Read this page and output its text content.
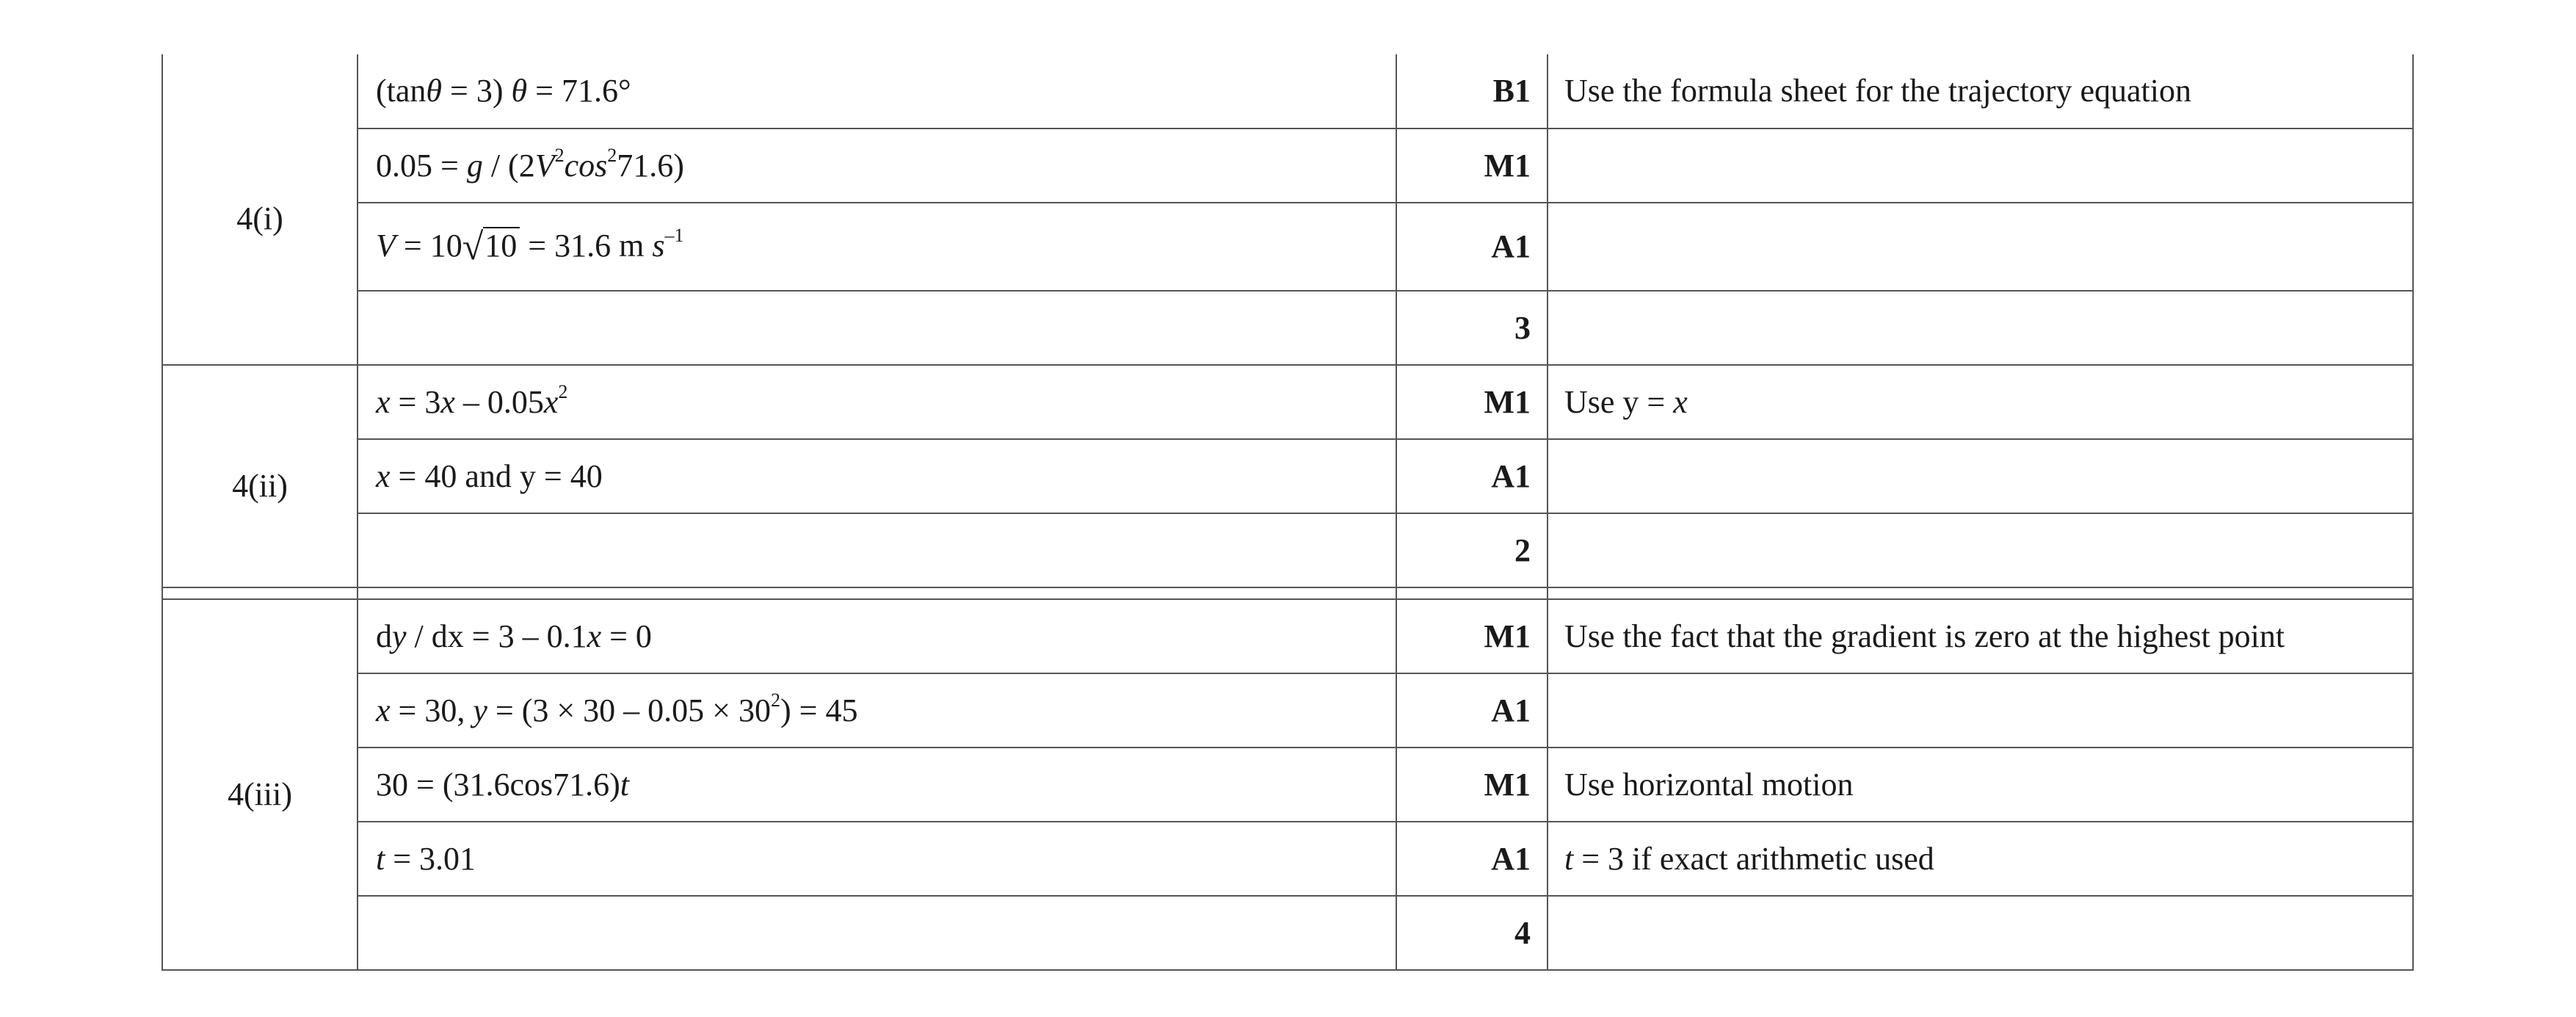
4(i)	(tanθ = 3) θ = 71.6°	B1	Use the formula sheet for the trajectory equation
	$0.05 = g / (2V^2\cos^271.6)$	M1	
	V = 10√10 = 31.6 m $s^{-1}$	A1	
		3	
4(ii)	$x = 3x - 0.05x^2$	M1	Use y = x
	x = 40 and y = 40	A1	
		2	

4(iii)	dy / dx = 3 – 0.1x = 0	M1	Use the fact that the gradient is zero at the highest point
	x = 30, $y = (3 \times 30 - 0.05 \times 30^2) = 45$	A1	
	30 = (31.6cos71.6)t	M1	Use horizontal motion
	t = 3.01	A1	t = 3 if exact arithmetic used
		4	
